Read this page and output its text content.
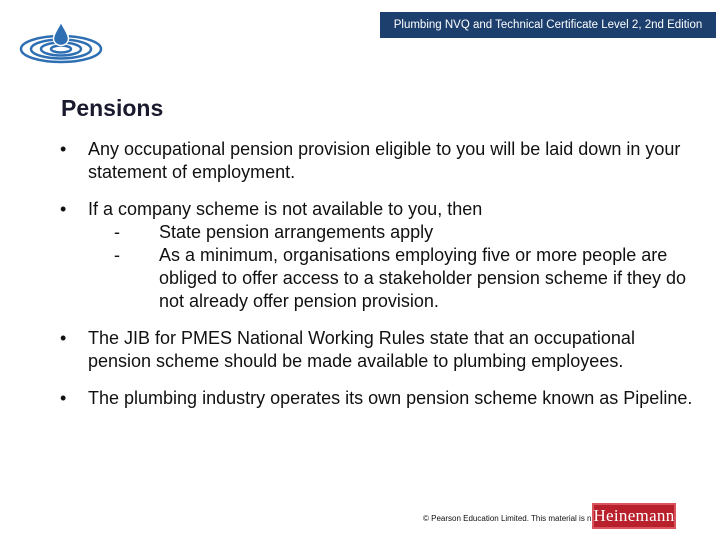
Plumbing NVQ and Technical Certificate Level 2, 2nd Edition
Pensions
• Any occupational pension provision eligible to you will be laid down in your statement of employment.
• If a company scheme is not available to you, then
- State pension arrangements apply
- As a minimum, organisations employing five or more people are obliged to offer access to a stakeholder pension scheme if they do not already offer pension provision.
• The JIB for PMES National Working Rules state that an occupational pension scheme should be made available to plumbing employees.
• The plumbing industry operates its own pension scheme known as Pipeline.
© Pearson Education Limited. This material is n Heinemann
